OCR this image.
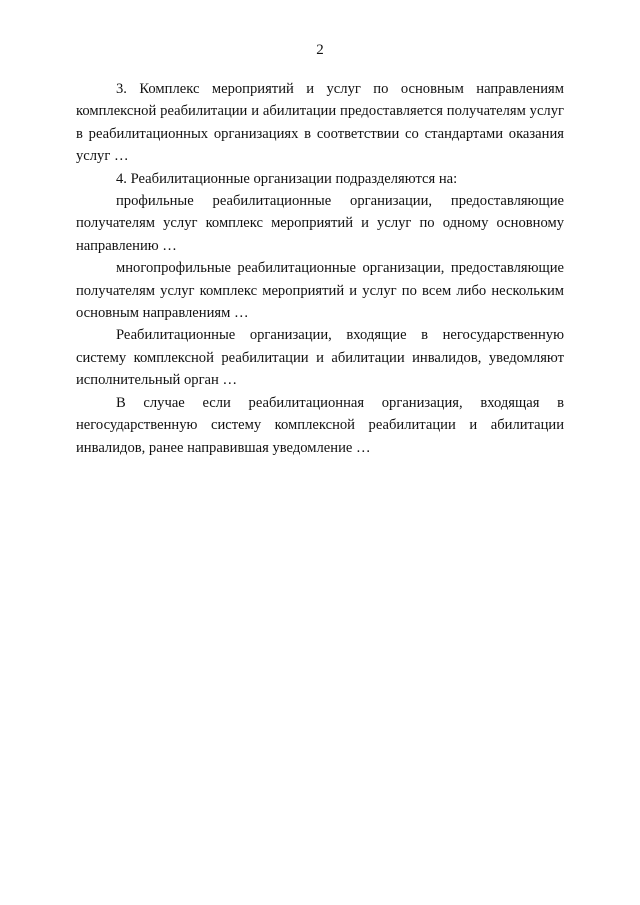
2

3. Комплекс мероприятий и услуг по основным направлениям комплексной реабилитации и абилитации предоставляется получателям услуг в реабилитационных организациях в соответствии со стандартами оказания услуг …

4. Реабилитационные организации подразделяются на:

профильные реабилитационные организации, предоставляющие получателям услуг комплекс мероприятий и услуг по одному основному направлению …

многопрофильные реабилитационные организации, предоставляющие получателям услуг комплекс мероприятий и услуг по всем либо нескольким основным направлениям …

Реабилитационные организации, входящие в негосударственную систему комплексной реабилитации и абилитации инвалидов, уведомляют исполнительный орган …

В случае если реабилитационная организация, входящая в негосударственную систему комплексной реабилитации и абилитации инвалидов, ранее направившая уведомление …
